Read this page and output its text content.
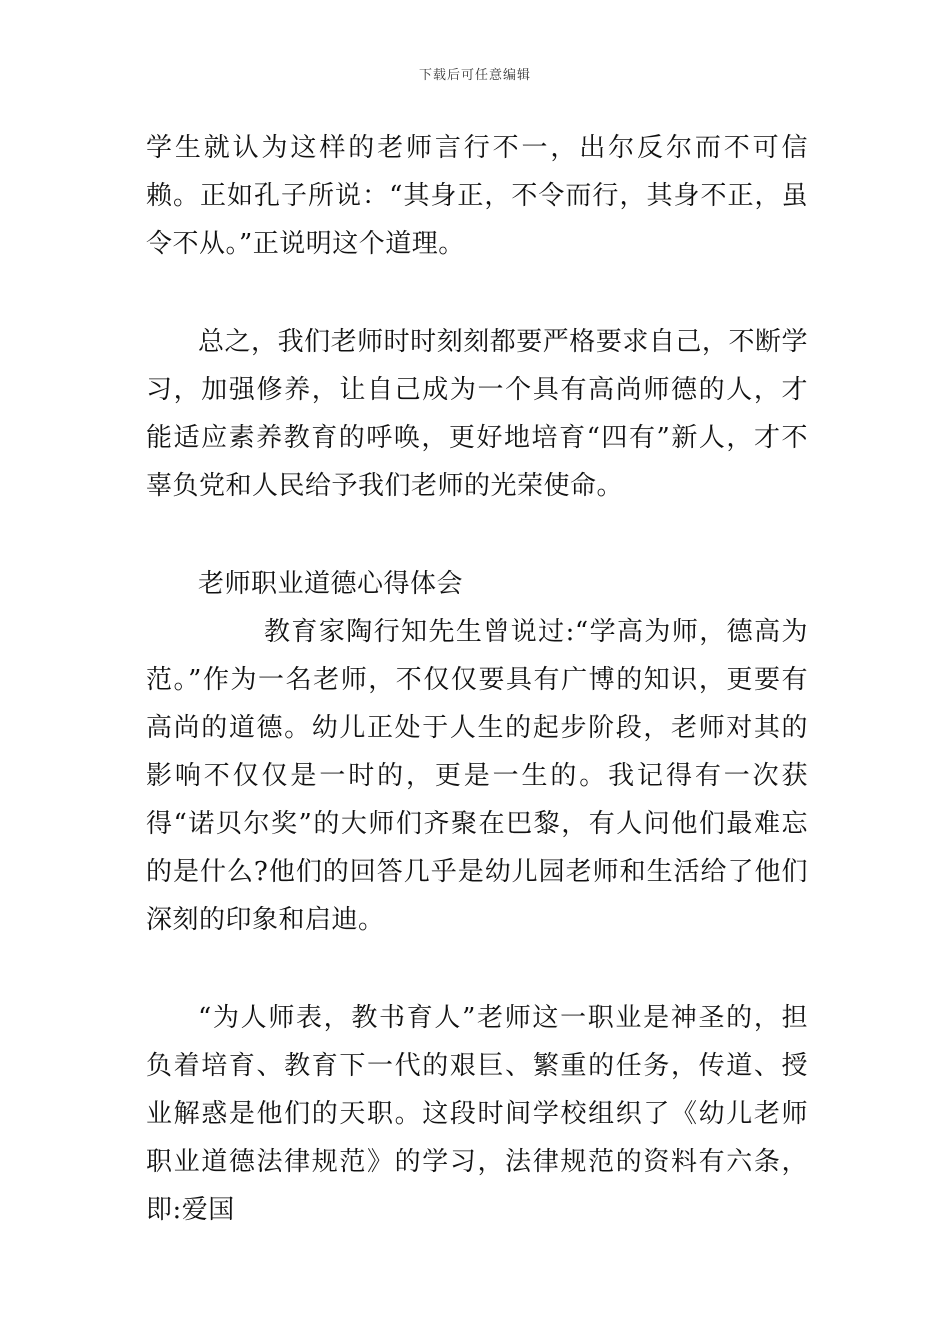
下载后可任意编辑

学生就认为这样的老师言行不一，出尔反尔而不可信赖。正如孔子所说：“其身正，不令而行，其身不正，虽令不从。”正说明这个道理。

总之，我们老师时时刻刻都要严格要求自己，不断学习，加强修养，让自己成为一个具有高尚师德的人，才能适应素养教育的呼唤，更好地培育“四有”新人，才不辜负党和人民给予我们老师的光荣使命。

老师职业道德心得体会

教育家陶行知先生曾说过:“学高为师，德高为范。”作为一名老师，不仅仅要具有广博的知识，更要有高尚的道德。幼儿正处于人生的起步阶段，老师对其的影响不仅仅是一时的，更是一生的。我记得有一次获得“诺贝尔奖”的大师们齐聚在巴黎，有人问他们最难忘的是什么?他们的回答几乎是幼儿园老师和生活给了他们深刻的印象和启迪。

“为人师表，教书育人”老师这一职业是神圣的，担负着培育、教育下一代的艰巨、繁重的任务，传道、授业解惑是他们的天职。这段时间学校组织了《幼儿老师职业道德法律规范》的学习，法律规范的资料有六条，即:爱国
